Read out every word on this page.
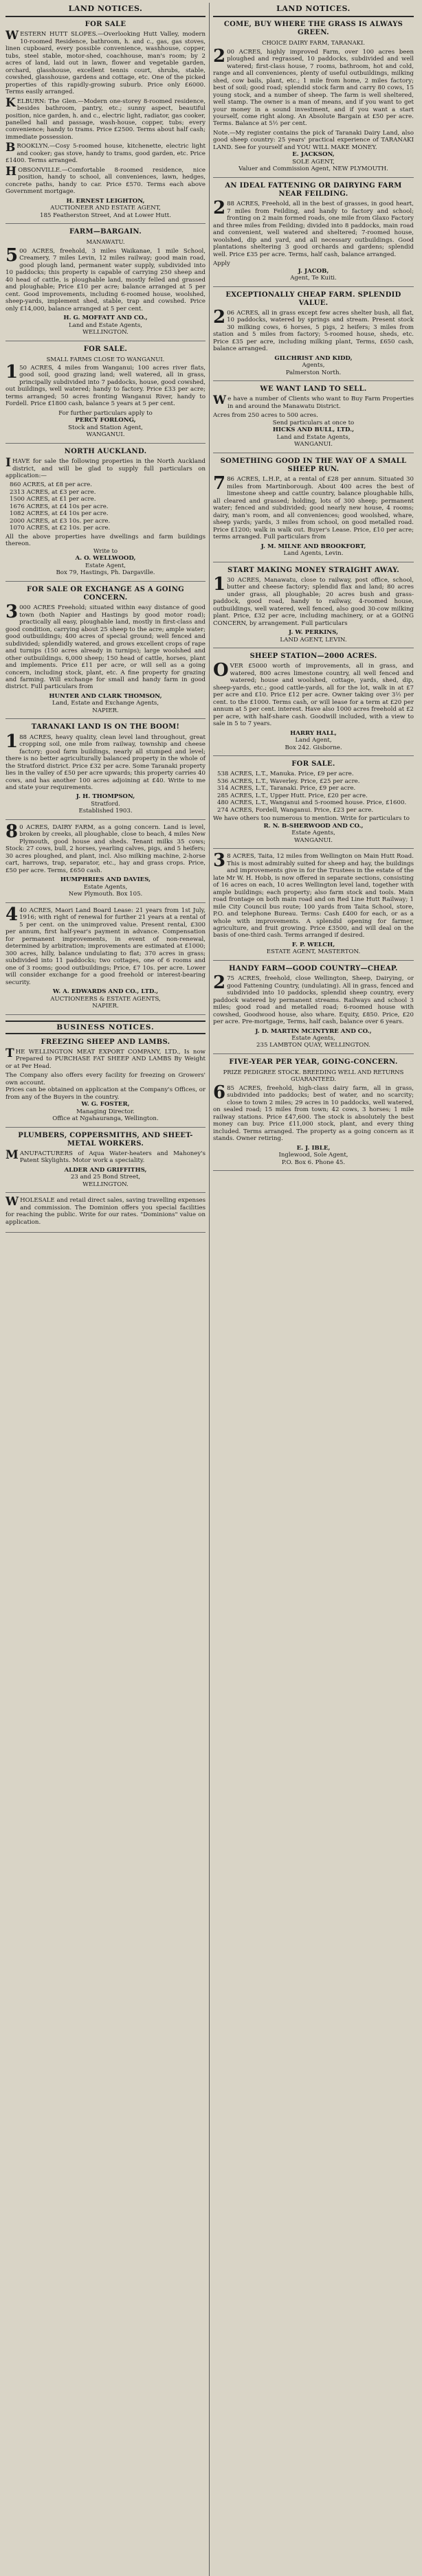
LAND NOTICES.
FOR SALE

WESTERN HUTT SLOPES.—Overlooking Hutt Valley, modern 10-roomed Residence, bathroom, h. and c., gas, gas stoves, linen cupboard, every possible convenience, washhouse, copper, tubs, steel stable, motor-shed, coachhouse, man's room; by 2 acres of land, laid out in lawn, flower and vegetable garden, orchard, glasshouse, excellent tennis court, shrubs, stable, cowshed, glasshouse, gardens and cottage, etc. One of the picked properties of this rapidly-growing suburb. Price only £6000. Terms easily arranged.

KELBURN: The Glen.—Modern one-storey 8-roomed residence, besides bathroom, pantry, etc.; sunny aspect, beautiful position, nice garden, h. and c., electric light, radiator, gas cooker, panelled hall and passage, wash-house, copper, tubs; every convenience; handy to trams. Price £2500. Terms about half cash; immediate possession.

BROOKLYN.—Cosy 5-roomed house, kitchenette, electric light and cooker; gas stove, handy to trams, good garden, etc. Price £1400. Terms arranged.

HOBSONVILLE.—Comfortable 8-roomed residence, nice position, handy to school, all conveniences, lawn, hedges, concrete paths, handy to car. Price £570. Terms each above Government mortgage.

H. ERNEST LEIGHTON,

AUCTIONEER AND ESTATE AGENT,

185 Featherston Street, And at Lower Hutt.

FARM—BARGAIN.
MANAWATU.

500 ACRES, freehold, 3 miles Waikanae, 1 mile School, Creamery, 7 miles Levin, 12 miles railway; good main road, good plough land, permanent water supply, subdivided into 10 paddocks; this property is capable of carrying 250 sheep and 40 head of cattle, is ploughable land, mostly felled and grassed and ploughable; Price £10 per acre; balance arranged at 5 per cent. Good improvements, including 6-roomed house, woolshed, sheep-yards, implement shed, stable, trap and cowshed. Price only £14,000, balance arranged at 5 per cent.

H. G. MOFFATT AND CO.,

Land and Estate Agents,

WELLINGTON.

FOR SALE.
SMALL FARMS CLOSE TO WANGANUI.

150 ACRES, 4 miles from Wanganui; 100 acres river flats, good soil, good grazing land; well watered, all in grass, principally subdivided into 7 paddocks, house, good cowshed, out buildings, well watered; handy to factory. Price £33 per acre; terms arranged; 50 acres fronting Wanganui River, handy to Fordell. Price £1800 cash, balance 5 years at 5 per cent.

For further particulars apply to

PERCY FORLONG,

Stock and Station Agent,

WANGANUI.

NORTH AUCKLAND.

IHAVE for sale the following properties in the North Auckland district, and will be glad to supply full particulars on application:—

860 ACRES, at £8 per acre.

2313 ACRES, at £3 per acre.

1500 ACRES, at £1 per acre.

1676 ACRES, at £4 10s per acre.

1082 ACRES, at £4 10s per acre.

2000 ACRES, at £3 10s. per acre.

1070 ACRES, at £2 10s. per acre.

All the above properties have dwellings and farm buildings thereon.

Write to

A. O. WELLWOOD,

Estate Agent,

Box 79, Hastings, Ph. Dargaville.

FOR SALE OR EXCHANGE AS A GOING CONCERN.

3000 ACRES Freehold; situated within easy distance of good town (both Napier and Hastings by good motor road); practically all easy, ploughable land, mostly in first-class and good condition, carrying about 25 sheep to the acre; ample water; good outbuildings; 400 acres of special ground; well fenced and subdivided; splendidly watered, and grows excellent crops of rape and turnips (150 acres already in turnips); large woolshed and other outbuildings. 6,000 sheep; 150 head of cattle, horses, plant and implements. Price £11 per acre, or will sell as a going concern, including stock, plant, etc. A fine property for grazing and farming. Will exchange for small and handy farm in good district. Full particulars from

HUNTER AND CLARK THOMSON,

Land, Estate and Exchange Agents,

NAPIER.

TARANAKI LAND IS ON THE BOOM!

188 ACRES, heavy quality, clean level land throughout, great cropping soil, one mile from railway, township and cheese factory; good farm buildings, nearly all stumped and level; there is no better agriculturally balanced property in the whole of the Stratford district. Price £32 per acre. Some Taranaki property lies in the valley of £50 per acre upwards; this property carries 40 cows, and has another 100 acres adjoining at £40. Write to me and state your requirements.

J. H. THOMPSON,

Stratford.

Established 1903.

80 ACRES, DAIRY FARM, as a going concern. Land is level, broken by creeks, all ploughable, close to beach, 4 miles New Plymouth, good house and sheds. Tenant milks 35 cows; Stock: 27 cows, bull, 2 horses, yearling calves, pigs, and 5 heifers; 30 acres ploughed, and plant, incl. Also milking machine, 2-horse cart, harrows, trap, separator, etc., hay and grass crops. Price, £50 per acre. Terms, £650 cash.

HUMPHRIES AND DAVIES,

Estate Agents,

New Plymouth. Box 105.

440 ACRES, Maori Land Board Lease: 21 years from 1st July, 1916; with right of renewal for further 21 years at a rental of 5 per cent. on the unimproved value. Present rental, £300 per annum, first half-year's payment in advance. Compensation for permanent improvements, in event of non-renewal, determined by arbitration; improvements are estimated at £1000; 300 acres, hilly, balance undulating to flat; 370 acres in grass; subdivided into 11 paddocks; two cottages, one of 6 rooms and one of 3 rooms; good outbuildings; Price, £7 10s. per acre. Lower will consider exchange for a good freehold or interest-bearing security.

W. A. EDWARDS AND CO., LTD.,

AUCTIONEERS & ESTATE AGENTS,

NAPIER.

BUSINESS NOTICES.
FREEZING SHEEP AND LAMBS.

THE WELLINGTON MEAT EXPORT COMPANY, LTD., Is now Prepared to PURCHASE FAT SHEEP AND LAMBS By Weight or at Per Head.

The Company also offers every facility for freezing on Growers' own account.

Prices can be obtained on application at the Company's Offices, or from any of the Buyers in the country.

W. G. FOSTER,

Managing Director.

Office at Ngahauranga, Wellington.

PLUMBERS, COPPERSMITHS, AND SHEET-METAL WORKERS.

MANUFACTURERS of Aqua Water-heaters and Mahoney's Patent Skylights. Motor work a speciality.

ALDER AND GRIFFITHS,

23 and 25 Bond Street,

WELLINGTON.

WHOLESALE and retail direct sales, saving travelling expenses and commission. The Dominion offers you special facilities for reaching the public. Write for our rates. "Dominions" value on application.

LAND NOTICES.
COME, BUY WHERE THE GRASS IS ALWAYS GREEN.
CHOICE DAIRY FARM, TARANAKI.

200 ACRES, highly improved Farm, over 100 acres been ploughed and regrassed, 10 paddocks, subdivided and well watered; first-class house, 7 rooms, bathroom, hot and cold, range and all conveniences, plenty of useful outbuildings, milking shed, cow bails, plant, etc.; 1 mile from home, 2 miles factory; best of soil; good road; splendid stock farm and carry 80 cows, 15 young stock, and a number of sheep. The farm is well sheltered, well stamp. The owner is a man of means, and if you want to get your money in a sound investment, and if you want a start yourself, come right along. An Absolute Bargain at £50 per acre. Terms. Balance at 5½ per cent.

Note.—My register contains the pick of Taranaki Dairy Land, also good sheep country: 25 years' practical experience of TARANAKI LAND. See for yourself and YOU WILL MAKE MONEY.

E. JACKSON,

SOLE AGENT,

Valuer and Commission Agent, NEW PLYMOUTH.

AN IDEAL FATTENING OR DAIRYING FARM NEAR FEILDING.

288 ACRES, Freehold, all in the best of grasses, in good heart, 7 miles from Feilding, and handy to factory and school; fronting on 2 main formed roads, one mile from Glaxo Factory and three miles from Feilding; divided into 8 paddocks, main road and convenient, well watered and sheltered; 7-roomed house, woolshed, dip and yard, and all necessary outbuildings. Good plantations sheltering 3 good orchards and gardens; splendid well. Price £35 per acre. Terms, half cash, balance arranged.

Apply

J. JACOB,

Agent, Te Kuiti.

EXCEPTIONALLY CHEAP FARM. SPLENDID VALUE.

206 ACRES, all in grass except few acres shelter bush, all flat, 10 paddocks, watered by springs and stream. Present stock 30 milking cows, 6 horses, 5 pigs, 2 heifers; 3 miles from station and 5 miles from factory; 5-roomed house, sheds, etc. Price £35 per acre, including milking plant, Terms, £650 cash, balance arranged.

GILCHRIST AND KIDD,

Agents,

Palmerston North.

WE WANT LAND TO SELL.

We have a number of Clients who want to Buy Farm Properties in and around the Manawatu District.

Acres from 250 acres to 500 acres.

Send particulars at once to

HICKS AND BULL, LTD.,

Land and Estate Agents,

WANGANUI.

SOMETHING GOOD IN THE WAY OF A SMALL SHEEP RUN.

786 ACRES, L.H.P., at a rental of £28 per annum. Situated 30 miles from Martinborough. About 400 acres the best of limestone sheep and cattle country, balance ploughable hills, all cleared and grassed; holding, lots of 300 sheep; permanent water; fenced and subdivided; good nearly new house, 4 rooms; dairy, man's room, and all conveniences; good woolshed, whare, sheep yards; yards, 3 miles from school, on good metalled road. Price £1200; walk in walk out. Buyer's Lease. Price, £10 per acre; terms arranged. Full particulars from

J. M. MILNE AND BROOKFORT,

Land Agents, Levin.

START MAKING MONEY STRAIGHT AWAY.

130 ACRES, Manawatu, close to railway, post office, school, butter and cheese factory; splendid flax and land; 80 acres under grass, all ploughable; 20 acres bush and grass-paddock, good road, handy to railway, 4-roomed house, outbuildings, well watered, well fenced, also good 30-cow milking plant. Price, £32 per acre, including machinery, or at a GOING CONCERN, by arrangement. Full particulars

J. W. PERKINS,

LAND AGENT, LEVIN.

SHEEP STATION—2000 ACRES.

OVER £5000 worth of improvements, all in grass, and watered, 800 acres limestone country, all well fenced and watered; house and woolshed, cottage, yards, shed, dip, sheep-yards, etc.; good cattle-yards, all for the lot, walk in at £7 per acre and £10. Price £12 per acre. Owner taking over 3½ per cent. to the £1000. Terms cash, or will lease for a term at £20 per annum at 5 per cent. interest. Have also 1000 acres freehold at £2 per acre, with half-share cash. Goodwill included, with a view to sale in 5 to 7 years.

HARRY HALL,

Land Agent,

Box 242. Gisborne.

FOR SALE.

538 ACRES, L.T., Manuka. Price, £9 per acre.

536 ACRES, L.T., Waverley. Price, £25 per acre.

314 ACRES, L.T., Taranaki. Price, £9 per acre.

285 ACRES, L.T., Upper Hutt. Price, £20 per acre.

480 ACRES, L.T., Wanganui and 5-roomed house. Price, £1600.

274 ACRES, Fordell, Wanganui. Price, £23 per acre.

We have others too numerous to mention. Write for particulars to

R. N. B-SHERWOOD AND CO.,

Estate Agents,

WANGANUI.

38 ACRES, Taita, 12 miles from Wellington on Main Hutt Road. This is most admirably suited for sheep and hay, the buildings and improvements give in for the Trustees in the estate of the late Mr W. H. Hobb, is now offered in separate sections, consisting of 16 acres on each, 10 acres Wellington level land, together with ample buildings; each property; also farm stock and tools. Main road frontage on both main road and on Red Line Hutt Railway; 1 mile City Council bus route; 100 yards from Taita School, store, P.O. and telephone Bureau. Terms: Cash £400 for each, or as a whole with improvements. A splendid opening for farmer, agriculture, and fruit growing. Price £3500, and will deal on the basis of one-third cash. Terms arranged if desired.

F. P. WELCH,

ESTATE AGENT, MASTERTON.

HANDY FARM—GOOD COUNTRY—CHEAP.

275 ACRES, freehold, close Wellington, Sheep, Dairying, or good Fattening Country, (undulating). All in grass, fenced and subdivided into 10 paddocks, splendid sheep country, every paddock watered by permanent streams. Railways and school 3 miles; good road and metalled road; 6-roomed house with cowshed, Goodwood house, also whare. Equity, £850. Price, £20 per acre. Pre-mortgage, Terms, half cash, balance over 6 years.

J. D. MARTIN MCINTYRE AND CO.,

Estate Agents,

235 LAMBTON QUAY, WELLINGTON.

FIVE-YEAR PER YEAR, GOING-CONCERN.
PRIZE PEDIGREE STOCK. BREEDING WELL AND RETURNS GUARANTEED.

685 ACRES, freehold, high-class dairy farm, all in grass, subdivided into paddocks; best of water, and no scarcity; close to town 2 miles; 29 acres in 10 paddocks, well watered, on sealed road; 15 miles from town; 42 cows, 3 horses; 1 mile railway stations. Price £47,600. The stock is absolutely the best money can buy. Price £11,000 stock, plant, and every thing included. Terms arranged. The property as a going concern as it stands. Owner retiring.

E. J. IBLE,

Inglewood, Sole Agent,

P.O. Box 6. Phone 45.
